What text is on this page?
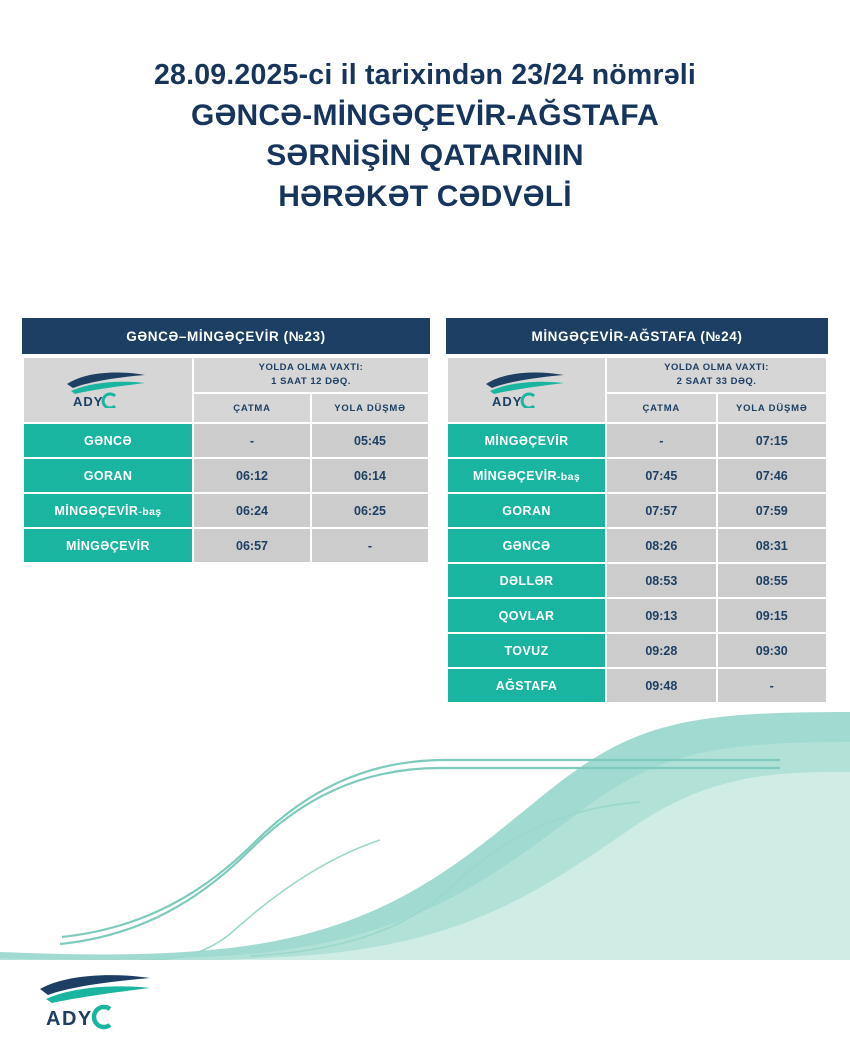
28.09.2025-ci il tarixindən 23/24 nömrəli
GƏNCƏ-MİNGƏÇEVİR-AĞSTAFA
SƏRNİŞİN QATARININ
HƏRƏKƏT CƏDVƏLİ
GƏNCƏ–MİNGƏÇEVİR (№23)
ADY	YOLDA OLMA VAXTI:
1 SAAT 12 DƏQ.	

	ÇATMA	YOLA DÜŞMƏ
GƏNCƏ	-	05:45
GORAN	06:12	06:14
MİNGƏÇEVİR-baş	06:24	06:25
MİNGƏÇEVİR	06:57	-
MİNGƏÇEVİR-AĞSTAFA (№24)
ADY	YOLDA OLMA VAXTI:
2 SAAT 33 DƏQ.	

	ÇATMA	YOLA DÜŞMƏ
MİNGƏÇEVİR	-	07:15
MİNGƏÇEVİR-baş	07:45	07:46
GORAN	07:57	07:59
GƏNCƏ	08:26	08:31
DƏLLƏR	08:53	08:55
QOVLAR	09:13	09:15
TOVUZ	09:28	09:30
AĞSTAFA	09:48	-
ADY
